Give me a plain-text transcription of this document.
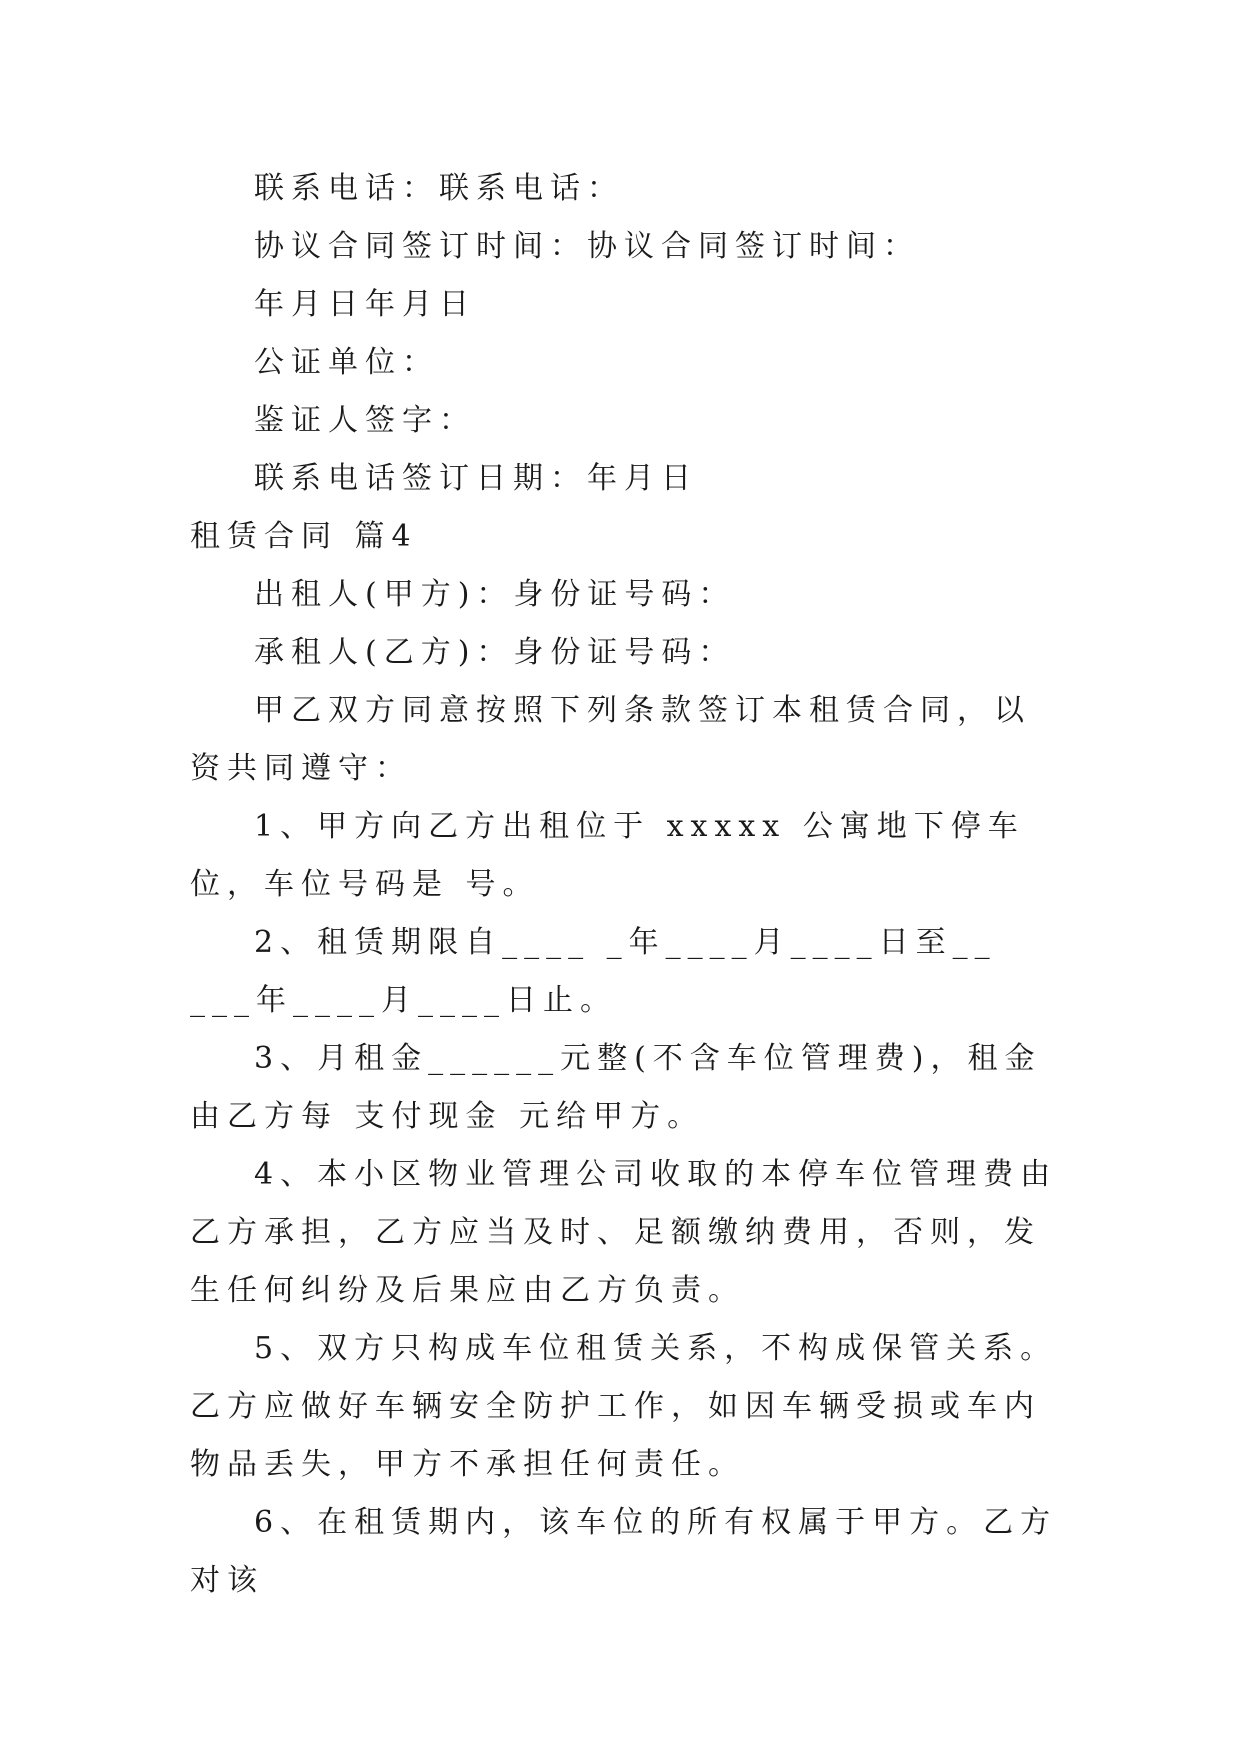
联系电话：联系电话：

协议合同签订时间：协议合同签订时间：

年月日年月日

公证单位：

鉴证人签字：

联系电话签订日期：年月日

租赁合同 篇4

出租人(甲方)：身份证号码：

承租人(乙方)：身份证号码：

甲乙双方同意按照下列条款签订本租赁合同，以资共同遵守：

1、甲方向乙方出租位于 xxxxx 公寓地下停车位，车位号码是 号。

2、租赁期限自____ _年____月____日至__ ___年____月____日止。

3、月租金______元整(不含车位管理费)，租金由乙方每 支付现金 元给甲方。

4、本小区物业管理公司收取的本停车位管理费由乙方承担，乙方应当及时、足额缴纳费用，否则，发生任何纠纷及后果应由乙方负责。

5、双方只构成车位租赁关系，不构成保管关系。乙方应做好车辆安全防护工作，如因车辆受损或车内物品丢失，甲方不承担任何责任。

6、在租赁期内，该车位的所有权属于甲方。乙方对该
